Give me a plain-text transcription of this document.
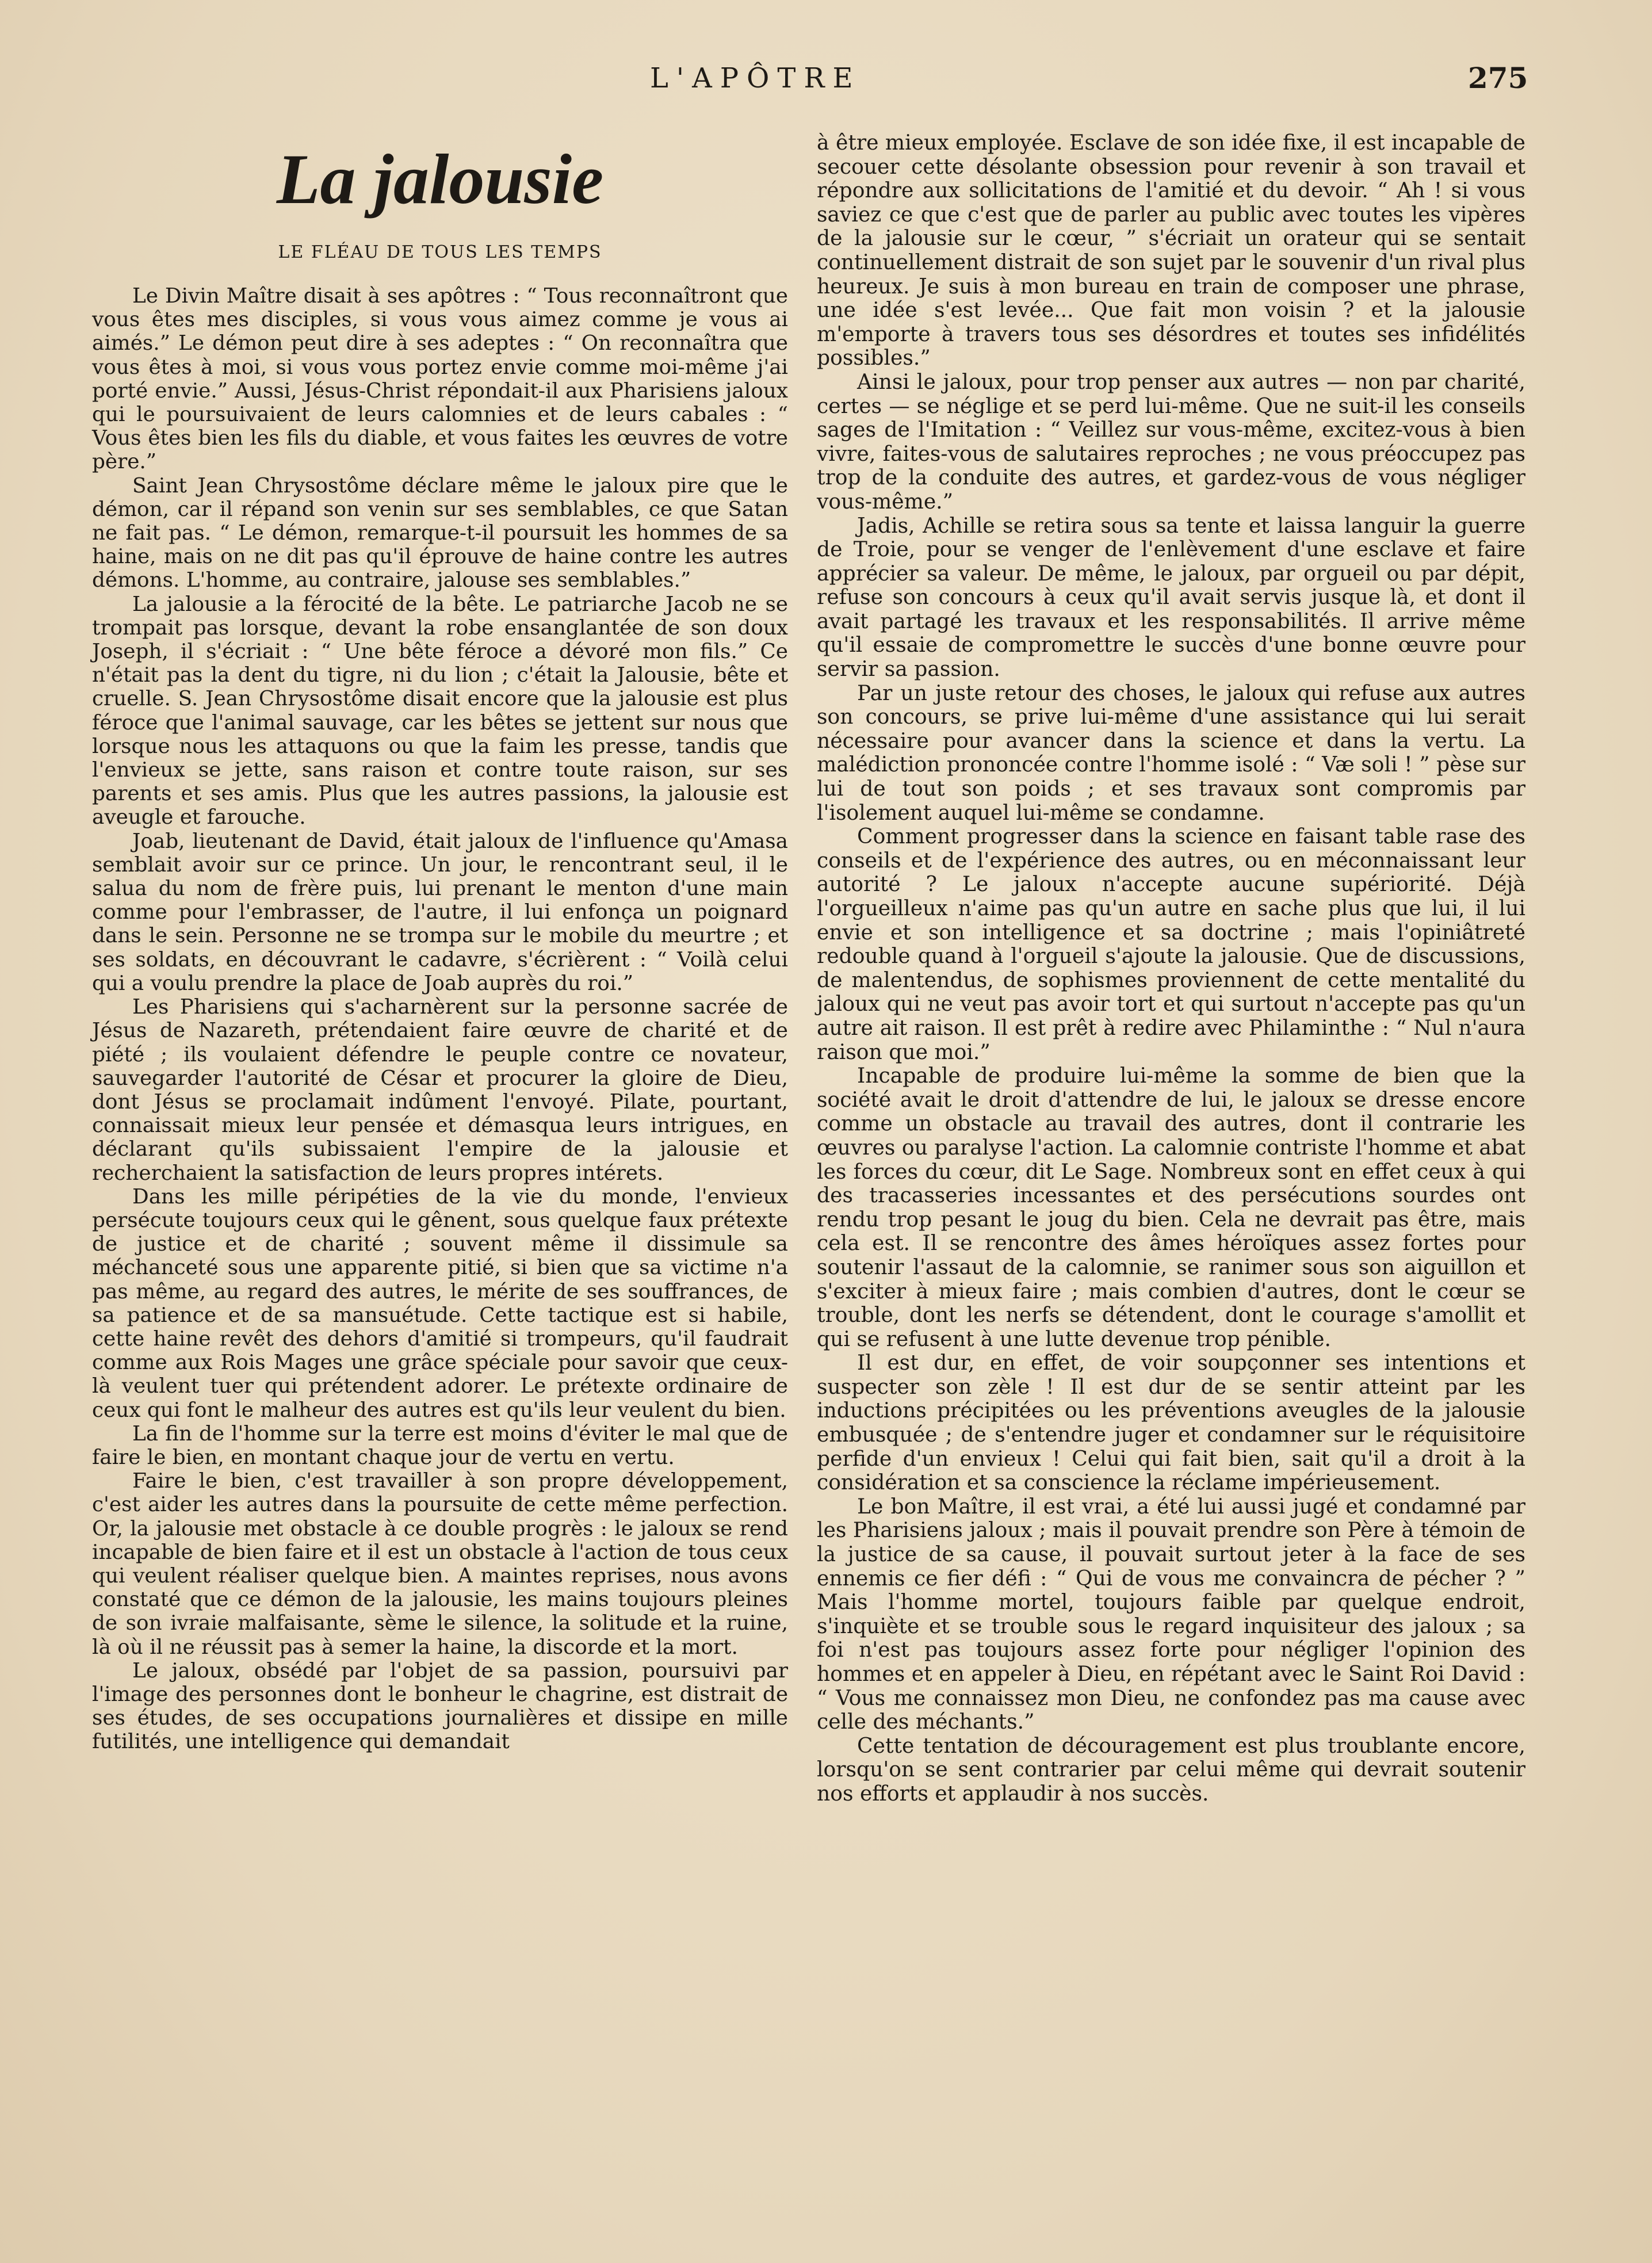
L'APÔTRE	275
La jalousie
LE FLÉAU DE TOUS LES TEMPS

Le Divin Maître disait à ses apôtres : “ Tous reconnaîtront que vous êtes mes disciples, si vous vous aimez comme je vous ai aimés.” Le démon peut dire à ses adeptes : “ On reconnaîtra que vous êtes à moi, si vous vous portez envie comme moi-même j'ai porté envie.” Aussi, Jésus-Christ répondait-il aux Pharisiens jaloux qui le poursuivaient de leurs calomnies et de leurs cabales : “ Vous êtes bien les fils du diable, et vous faites les œuvres de votre père.”

Saint Jean Chrysostôme déclare même le jaloux pire que le démon, car il répand son venin sur ses semblables, ce que Satan ne fait pas. “ Le démon, remarque-t-il poursuit les hommes de sa haine, mais on ne dit pas qu'il éprouve de haine contre les autres démons. L'homme, au contraire, jalouse ses semblables.”

La jalousie a la férocité de la bête. Le patriarche Jacob ne se trompait pas lorsque, devant la robe ensanglantée de son doux Joseph, il s'écriait : “ Une bête féroce a dévoré mon fils.” Ce n'était pas la dent du tigre, ni du lion ; c'était la Jalousie, bête et cruelle. S. Jean Chrysostôme disait encore que la jalousie est plus féroce que l'animal sauvage, car les bêtes se jettent sur nous que lorsque nous les attaquons ou que la faim les presse, tandis que l'envieux se jette, sans raison et contre toute raison, sur ses parents et ses amis. Plus que les autres passions, la jalousie est aveugle et farouche.

Joab, lieutenant de David, était jaloux de l'influence qu'Amasa semblait avoir sur ce prince. Un jour, le rencontrant seul, il le salua du nom de frère puis, lui prenant le menton d'une main comme pour l'embrasser, de l'autre, il lui enfonça un poignard dans le sein. Personne ne se trompa sur le mobile du meurtre ; et ses soldats, en découvrant le cadavre, s'écrièrent : “ Voilà celui qui a voulu prendre la place de Joab auprès du roi.”

Les Pharisiens qui s'acharnèrent sur la personne sacrée de Jésus de Nazareth, prétendaient faire œuvre de charité et de piété ; ils voulaient défendre le peuple contre ce novateur, sauvegarder l'autorité de César et procurer la gloire de Dieu, dont Jésus se proclamait indûment l'envoyé. Pilate, pourtant, connaissait mieux leur pensée et démasqua leurs intrigues, en déclarant qu'ils subissaient l'empire de la jalousie et recherchaient la satisfaction de leurs propres intérets.

Dans les mille péripéties de la vie du monde, l'envieux persécute toujours ceux qui le gênent, sous quelque faux prétexte de justice et de charité ; souvent même il dissimule sa méchanceté sous une apparente pitié, si bien que sa victime n'a pas même, au regard des autres, le mérite de ses souffrances, de sa patience et de sa mansuétude. Cette tactique est si habile, cette haine revêt des dehors d'amitié si trompeurs, qu'il faudrait comme aux Rois Mages une grâce spéciale pour savoir que ceux-là veulent tuer qui prétendent adorer. Le prétexte ordinaire de ceux qui font le malheur des autres est qu'ils leur veulent du bien.

La fin de l'homme sur la terre est moins d'éviter le mal que de faire le bien, en montant chaque jour de vertu en vertu.

Faire le bien, c'est travailler à son propre développement, c'est aider les autres dans la poursuite de cette même perfection. Or, la jalousie met obstacle à ce double progrès : le jaloux se rend incapable de bien faire et il est un obstacle à l'action de tous ceux qui veulent réaliser quelque bien. A maintes reprises, nous avons constaté que ce démon de la jalousie, les mains toujours pleines de son ivraie malfaisante, sème le silence, la solitude et la ruine, là où il ne réussit pas à semer la haine, la discorde et la mort.

Le jaloux, obsédé par l'objet de sa passion, poursuivi par l'image des personnes dont le bonheur le chagrine, est distrait de ses études, de ses occupations journalières et dissipe en mille futilités, une intelligence qui demandait

à être mieux employée. Esclave de son idée fixe, il est incapable de secouer cette désolante obsession pour revenir à son travail et répondre aux sollicitations de l'amitié et du devoir. “ Ah ! si vous saviez ce que c'est que de parler au public avec toutes les vipères de la jalousie sur le cœur, ” s'écriait un orateur qui se sentait continuellement distrait de son sujet par le souvenir d'un rival plus heureux. Je suis à mon bureau en train de composer une phrase, une idée s'est levée... Que fait mon voisin ? et la jalousie m'emporte à travers tous ses désordres et toutes ses infidélités possibles.”

Ainsi le jaloux, pour trop penser aux autres — non par charité, certes — se néglige et se perd lui-même. Que ne suit-il les conseils sages de l'Imitation : “ Veillez sur vous-même, excitez-vous à bien vivre, faites-vous de salutaires reproches ; ne vous préoccupez pas trop de la conduite des autres, et gardez-vous de vous négliger vous-même.”

Jadis, Achille se retira sous sa tente et laissa languir la guerre de Troie, pour se venger de l'enlèvement d'une esclave et faire apprécier sa valeur. De même, le jaloux, par orgueil ou par dépit, refuse son concours à ceux qu'il avait servis jusque là, et dont il avait partagé les travaux et les responsabilités. Il arrive même qu'il essaie de compromettre le succès d'une bonne œuvre pour servir sa passion.

Par un juste retour des choses, le jaloux qui refuse aux autres son concours, se prive lui-même d'une assistance qui lui serait nécessaire pour avancer dans la science et dans la vertu. La malédiction prononcée contre l'homme isolé : “ Væ soli ! ” pèse sur lui de tout son poids ; et ses travaux sont compromis par l'isolement auquel lui-même se condamne.

Comment progresser dans la science en faisant table rase des conseils et de l'expérience des autres, ou en méconnaissant leur autorité ? Le jaloux n'accepte aucune supériorité. Déjà l'orgueilleux n'aime pas qu'un autre en sache plus que lui, il lui envie et son intelligence et sa doctrine ; mais l'opiniâtreté redouble quand à l'orgueil s'ajoute la jalousie. Que de discussions, de malentendus, de sophismes proviennent de cette mentalité du jaloux qui ne veut pas avoir tort et qui surtout n'accepte pas qu'un autre ait raison. Il est prêt à redire avec Philaminthe : “ Nul n'aura raison que moi.”

Incapable de produire lui-même la somme de bien que la société avait le droit d'attendre de lui, le jaloux se dresse encore comme un obstacle au travail des autres, dont il contrarie les œuvres ou paralyse l'action. La calomnie contriste l'homme et abat les forces du cœur, dit Le Sage. Nombreux sont en effet ceux à qui des tracasseries incessantes et des persécutions sourdes ont rendu trop pesant le joug du bien. Cela ne devrait pas être, mais cela est. Il se rencontre des âmes héroïques assez fortes pour soutenir l'assaut de la calomnie, se ranimer sous son aiguillon et s'exciter à mieux faire ; mais combien d'autres, dont le cœur se trouble, dont les nerfs se détendent, dont le courage s'amollit et qui se refusent à une lutte devenue trop pénible.

Il est dur, en effet, de voir soupçonner ses intentions et suspecter son zèle ! Il est dur de se sentir atteint par les inductions précipitées ou les préventions aveugles de la jalousie embusquée ; de s'entendre juger et condamner sur le réquisitoire perfide d'un envieux ! Celui qui fait bien, sait qu'il a droit à la considération et sa conscience la réclame impérieusement.

Le bon Maître, il est vrai, a été lui aussi jugé et condamné par les Pharisiens jaloux ; mais il pouvait prendre son Père à témoin de la justice de sa cause, il pouvait surtout jeter à la face de ses ennemis ce fier défi : “ Qui de vous me convaincra de pécher ? ” Mais l'homme mortel, toujours faible par quelque endroit, s'inquiète et se trouble sous le regard inquisiteur des jaloux ; sa foi n'est pas toujours assez forte pour négliger l'opinion des hommes et en appeler à Dieu, en répétant avec le Saint Roi David : “ Vous me connaissez mon Dieu, ne confondez pas ma cause avec celle des méchants.”

Cette tentation de découragement est plus troublante encore, lorsqu'on se sent contrarier par celui même qui devrait soutenir nos efforts et applaudir à nos succès.
